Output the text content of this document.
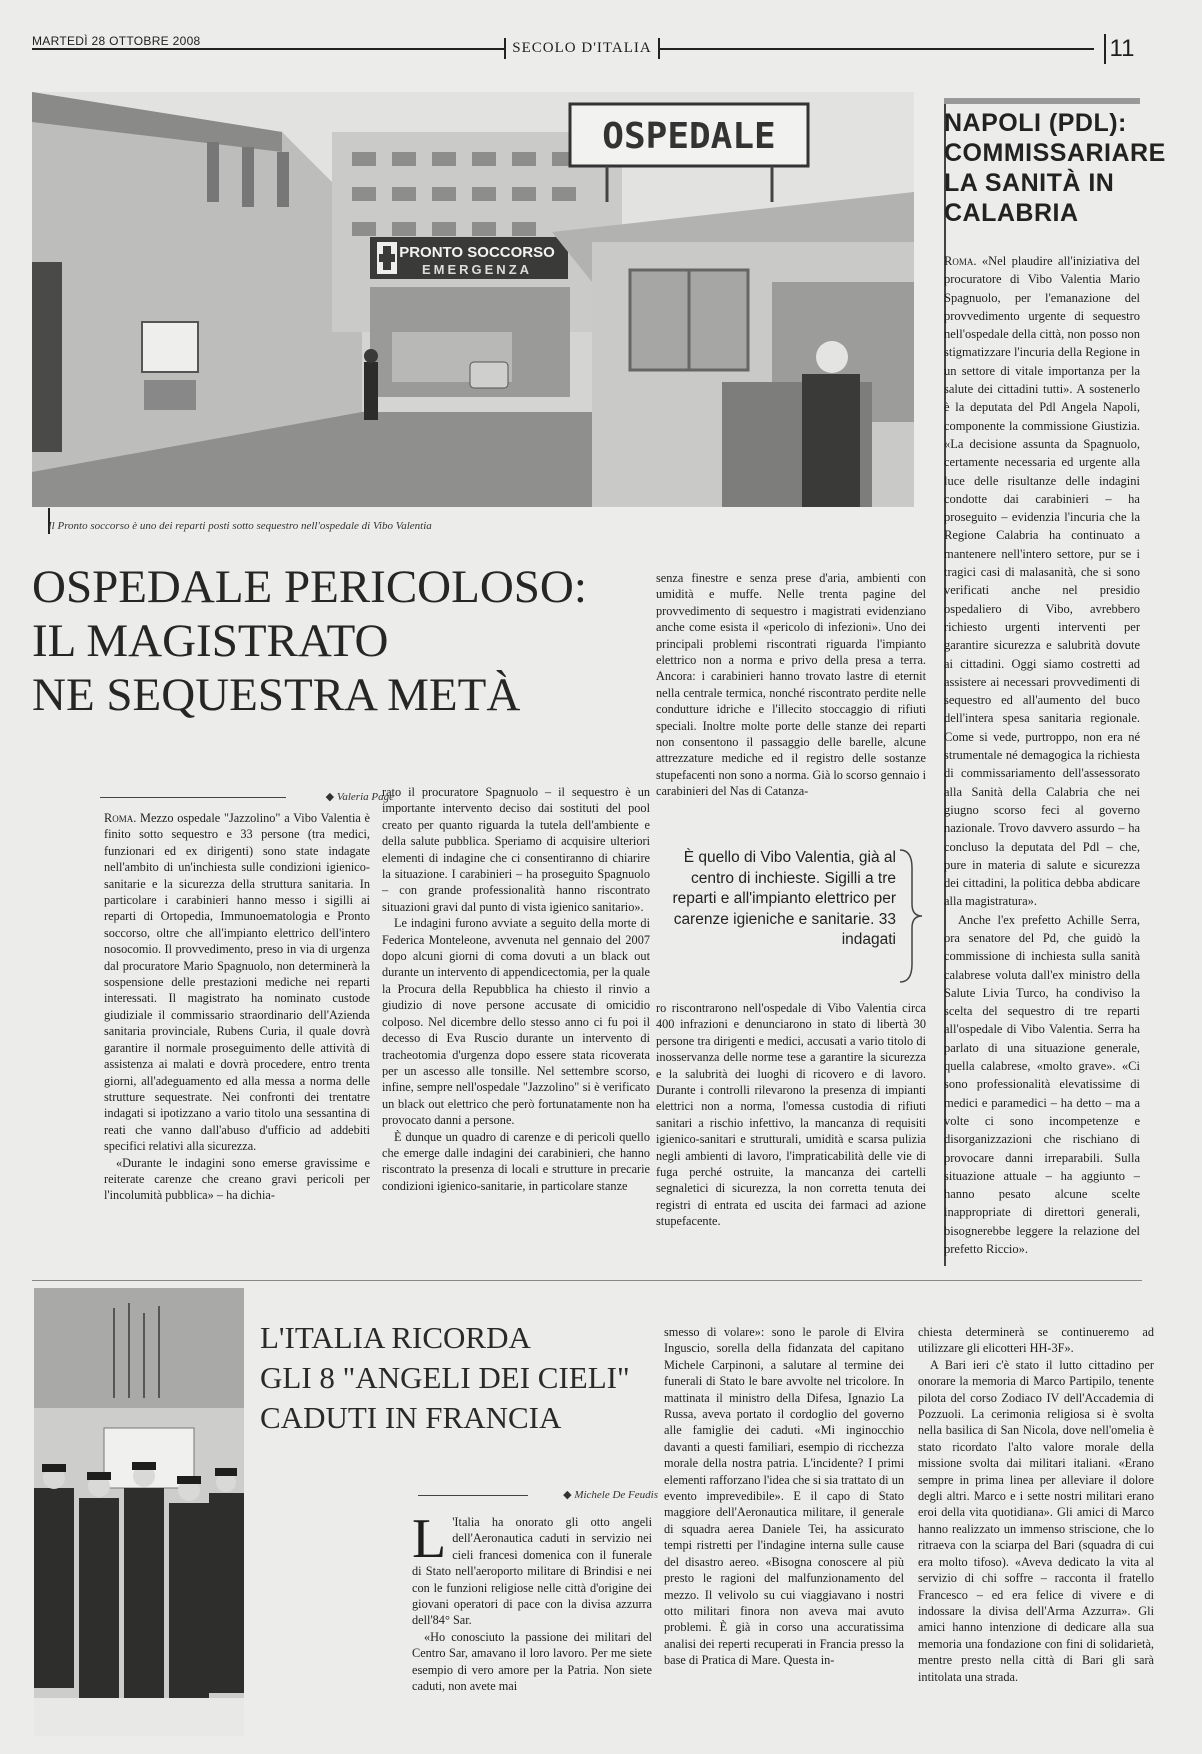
MARTEDÌ 28 OTTOBRE 2008	SECOLO D'ITALIA	11
OSPEDALE
PRONTO SOCCORSO
EMERGENZA
Il Pronto soccorso è uno dei reparti posti sotto sequestro nell'ospedale di Vibo Valentia
NAPOLI (PDL): COMMISSARIARE LA SANITÀ IN CALABRIA

Roma. «Nel plaudire all'iniziativa del procuratore di Vibo Valentia Mario Spagnuolo, per l'emanazione del provvedimento urgente di sequestro nell'ospedale della città, non posso non stigmatizzare l'incuria della Regione in un settore di vitale importanza per la salute dei cittadini tutti». A sostenerlo è la deputata del Pdl Angela Napoli, componente la commissione Giustizia. «La decisione assunta da Spagnuolo, certamente necessaria ed urgente alla luce delle risultanze delle indagini condotte dai carabinieri – ha proseguito – evidenzia l'incuria che la Regione Calabria ha continuato a mantenere nell'intero settore, pur se i tragici casi di malasanità, che si sono verificati anche nel presidio ospedaliero di Vibo, avrebbero richiesto urgenti interventi per garantire sicurezza e salubrità dovute ai cittadini. Oggi siamo costretti ad assistere ai necessari provvedimenti di sequestro ed all'aumento del buco dell'intera spesa sanitaria regionale. Come si vede, purtroppo, non era né strumentale né demagogica la richiesta di commissariamento dell'assessorato alla Sanità della Calabria che nei giugno scorso feci al governo nazionale. Trovo davvero assurdo – ha concluso la deputata del Pdl – che, pure in materia di salute e sicurezza dei cittadini, la politica debba abdicare alla magistratura».

Anche l'ex prefetto Achille Serra, ora senatore del Pd, che guidò la commissione di inchiesta sulla sanità calabrese voluta dall'ex ministro della Salute Livia Turco, ha condiviso la scelta del sequestro di tre reparti all'ospedale di Vibo Valentia. Serra ha parlato di una situazione generale, quella calabrese, «molto grave». «Ci sono professionalità elevatissime di medici e paramedici – ha detto – ma a volte ci sono incompetenze e disorganizzazioni che rischiano di provocare danni irreparabili. Sulla situazione attuale – ha aggiunto – hanno pesato alcune scelte inappropriate di direttori generali, bisognerebbe leggere la relazione del prefetto Riccio».

OSPEDALE PERICOLOSO:
IL MAGISTRATO
NE SEQUESTRA METÀ
◆ Valeria Page

Roma. Mezzo ospedale "Jazzolino" a Vibo Valentia è finito sotto sequestro e 33 persone (tra medici, funzionari ed ex dirigenti) sono state indagate nell'ambito di un'inchiesta sulle condizioni igienico-sanitarie e la sicurezza della struttura sanitaria. In particolare i carabinieri hanno messo i sigilli ai reparti di Ortopedia, Immunoematologia e Pronto soccorso, oltre che all'impianto elettrico dell'intero nosocomio. Il provvedimento, preso in via di urgenza dal procuratore Mario Spagnuolo, non determinerà la sospensione delle prestazioni mediche nei reparti interessati. Il magistrato ha nominato custode giudiziale il commissario straordinario dell'Azienda sanitaria provinciale, Rubens Curia, il quale dovrà garantire il normale proseguimento delle attività di assistenza ai malati e dovrà procedere, entro trenta giorni, all'adeguamento ed alla messa a norma delle strutture sequestrate. Nei confronti dei trentatre indagati si ipotizzano a vario titolo una sessantina di reati che vanno dall'abuso d'ufficio ad addebiti specifici relativi alla sicurezza.

«Durante le indagini sono emerse gravissime e reiterate carenze che creano gravi pericoli per l'incolumità pubblica» – ha dichia-

rato il procuratore Spagnuolo – il sequestro è un importante intervento deciso dai sostituti del pool creato per quanto riguarda la tutela dell'ambiente e della salute pubblica. Speriamo di acquisire ulteriori elementi di indagine che ci consentiranno di chiarire la situazione. I carabinieri – ha proseguito Spagnuolo – con grande professionalità hanno riscontrato situazioni gravi dal punto di vista igienico sanitario».

Le indagini furono avviate a seguito della morte di Federica Monteleone, avvenuta nel gennaio del 2007 dopo alcuni giorni di coma dovuti a un black out durante un intervento di appendicectomia, per la quale la Procura della Repubblica ha chiesto il rinvio a giudizio di nove persone accusate di omicidio colposo. Nel dicembre dello stesso anno ci fu poi il decesso di Eva Ruscio durante un intervento di tracheotomia d'urgenza dopo essere stata ricoverata per un ascesso alle tonsille. Nel settembre scorso, infine, sempre nell'ospedale "Jazzolino" si è verificato un black out elettrico che però fortunatamente non ha provocato danni a persone.

È dunque un quadro di carenze e di pericoli quello che emerge dalle indagini dei carabinieri, che hanno riscontrato la presenza di locali e strutture in precarie condizioni igienico-sanitarie, in particolare stanze

senza finestre e senza prese d'aria, ambienti con umidità e muffe. Nelle trenta pagine del provvedimento di sequestro i magistrati evidenziano anche come esista il «pericolo di infezioni». Uno dei principali problemi riscontrati riguarda l'impianto elettrico non a norma e privo della presa a terra. Ancora: i carabinieri hanno trovato lastre di eternit nella centrale termica, nonché riscontrato perdite nelle condutture idriche e l'illecito stoccaggio di rifiuti speciali. Inoltre molte porte delle stanze dei reparti non consentono il passaggio delle barelle, alcune attrezzature mediche ed il registro delle sostanze stupefacenti non sono a norma. Già lo scorso gennaio i carabinieri del Nas di Catanza-

È quello di Vibo Valentia, già al centro di inchieste. Sigilli a tre reparti e all'impianto elettrico per carenze igieniche e sanitarie. 33 indagati

ro riscontrarono nell'ospedale di Vibo Valentia circa 400 infrazioni e denunciarono in stato di libertà 30 persone tra dirigenti e medici, accusati a vario titolo di inosservanza delle norme tese a garantire la sicurezza e la salubrità dei luoghi di ricovero e di lavoro. Durante i controlli rilevarono la presenza di impianti elettrici non a norma, l'omessa custodia di rifiuti sanitari a rischio infettivo, la mancanza di requisiti igienico-sanitari e strutturali, umidità e scarsa pulizia negli ambienti di lavoro, l'impraticabilità delle vie di fuga perché ostruite, la mancanza dei cartelli segnaletici di sicurezza, la non corretta tenuta dei registri di entrata ed uscita dei farmaci ad azione stupefacente.

L'ITALIA RICORDA
GLI 8 "ANGELI DEI CIELI"
CADUTI IN FRANCIA
◆ Michele De Feudis

L 'Italia ha onorato gli otto angeli dell'Aeronautica caduti in servizio nei cieli francesi domenica con il funerale di Stato nell'aeroporto militare di Brindisi e nei con le funzioni religiose nelle città d'origine dei giovani operatori di pace con la divisa azzurra dell'84° Sar.

«Ho conosciuto la passione dei militari del Centro Sar, amavano il loro lavoro. Per me siete esempio di vero amore per la Patria. Non siete caduti, non avete mai

smesso di volare»: sono le parole di Elvira Inguscio, sorella della fidanzata del capitano Michele Carpinoni, a salutare al termine dei funerali di Stato le bare avvolte nel tricolore. In mattinata il ministro della Difesa, Ignazio La Russa, aveva portato il cordoglio del governo alle famiglie dei caduti. «Mi inginocchio davanti a questi familiari, esempio di ricchezza morale della nostra patria. L'incidente? I primi elementi rafforzano l'idea che si sia trattato di un evento imprevedibile». E il capo di Stato maggiore dell'Aeronautica militare, il generale di squadra aerea Daniele Tei, ha assicurato tempi ristretti per l'indagine interna sulle cause del disastro aereo. «Bisogna conoscere al più presto le ragioni del malfunzionamento del mezzo. Il velivolo su cui viaggiavano i nostri otto militari finora non aveva mai avuto problemi. È già in corso una accuratissima analisi dei reperti recuperati in Francia presso la base di Pratica di Mare. Questa in-

chiesta determinerà se continueremo ad utilizzare gli elicotteri HH-3F».

A Bari ieri c'è stato il lutto cittadino per onorare la memoria di Marco Partipilo, tenente pilota del corso Zodiaco IV dell'Accademia di Pozzuoli. La cerimonia religiosa si è svolta nella basilica di San Nicola, dove nell'omelia è stato ricordato l'alto valore morale della missione svolta dai militari italiani. «Erano sempre in prima linea per alleviare il dolore degli altri. Marco e i sette nostri militari erano eroi della vita quotidiana». Gli amici di Marco hanno realizzato un immenso striscione, che lo ritraeva con la sciarpa del Bari (squadra di cui era molto tifoso). «Aveva dedicato la vita al servizio di chi soffre – racconta il fratello Francesco – ed era felice di vivere e di indossare la divisa dell'Arma Azzurra». Gli amici hanno intenzione di dedicare alla sua memoria una fondazione con fini di solidarietà, mentre presto nella città di Bari gli sarà intitolata una strada.
